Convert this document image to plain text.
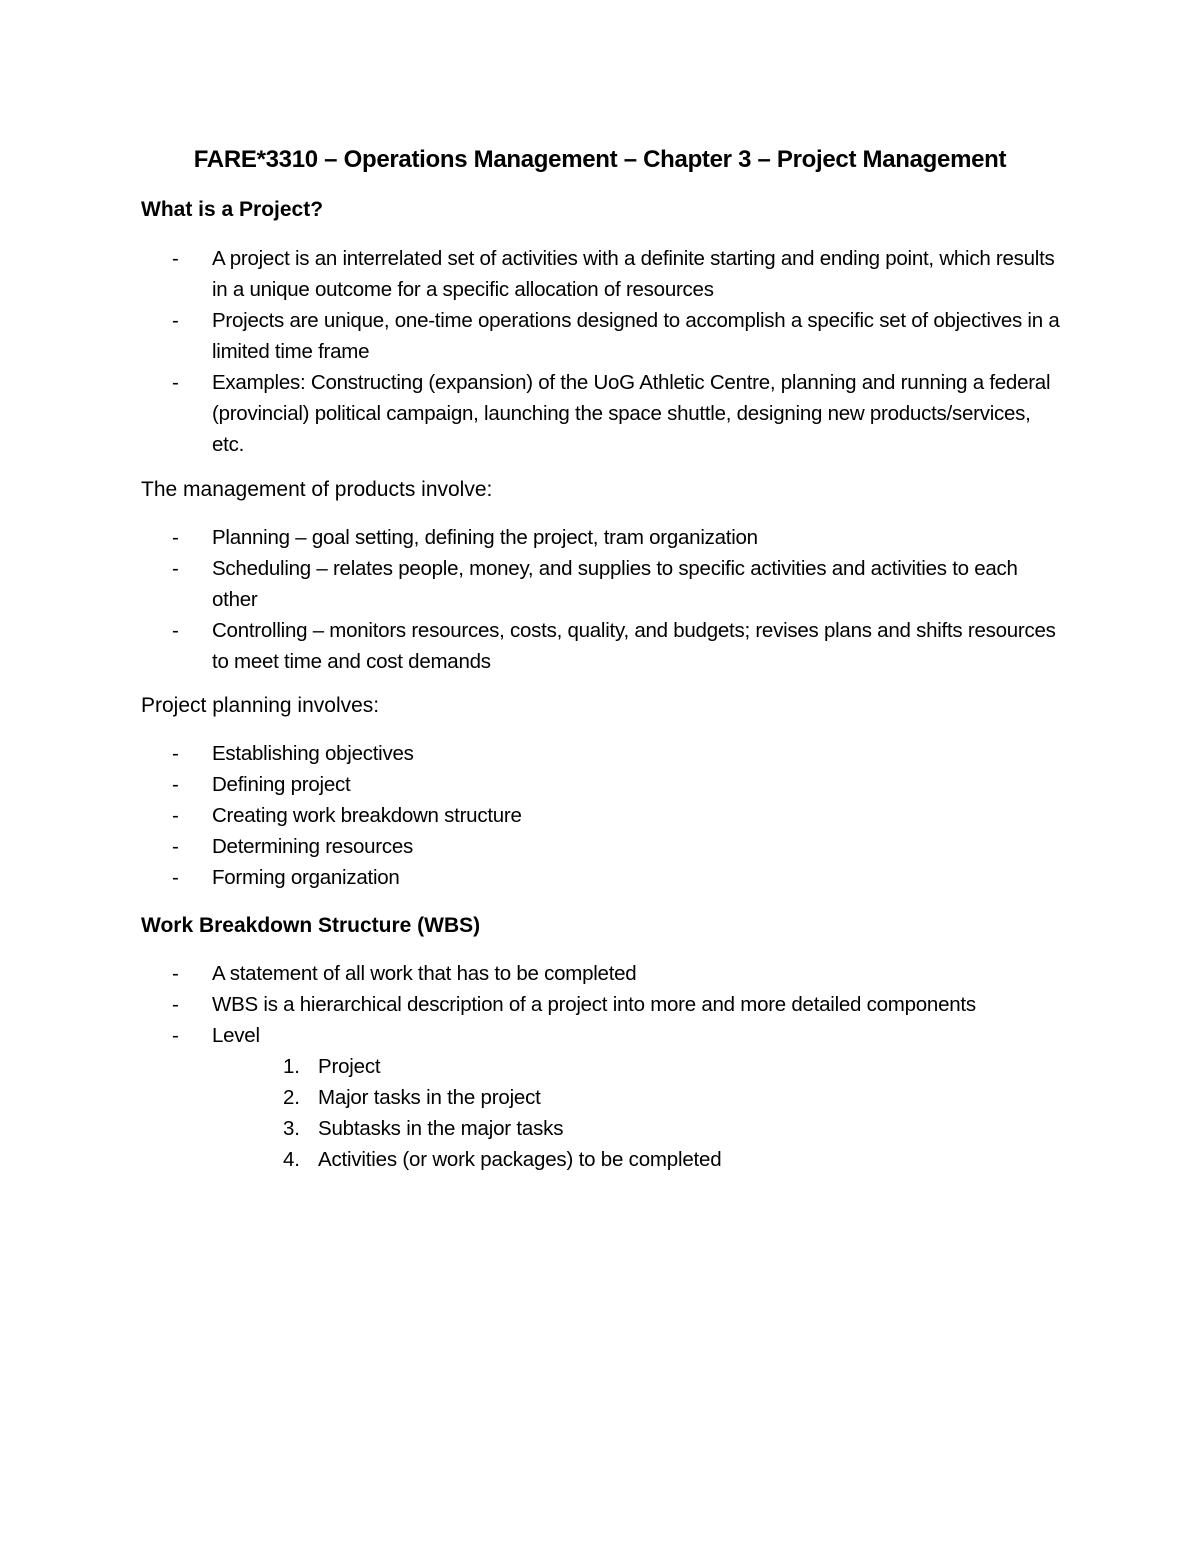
FARE*3310 – Operations Management – Chapter 3 – Project Management
What is a Project?
- A project is an interrelated set of activities with a definite starting and ending point, which results in a unique outcome for a specific allocation of resources
- Projects are unique, one-time operations designed to accomplish a specific set of objectives in a limited time frame
- Examples: Constructing (expansion) of the UoG Athletic Centre, planning and running a federal (provincial) political campaign, launching the space shuttle, designing new products/services, etc.
The management of products involve:
- Planning – goal setting, defining the project, tram organization
- Scheduling – relates people, money, and supplies to specific activities and activities to each other
- Controlling – monitors resources, costs, quality, and budgets; revises plans and shifts resources to meet time and cost demands
Project planning involves:
- Establishing objectives
- Defining project
- Creating work breakdown structure
- Determining resources
- Forming organization
Work Breakdown Structure (WBS)
- A statement of all work that has to be completed
- WBS is a hierarchical description of a project into more and more detailed components
- Level
1. Project
2. Major tasks in the project
3. Subtasks in the major tasks
4. Activities (or work packages) to be completed
